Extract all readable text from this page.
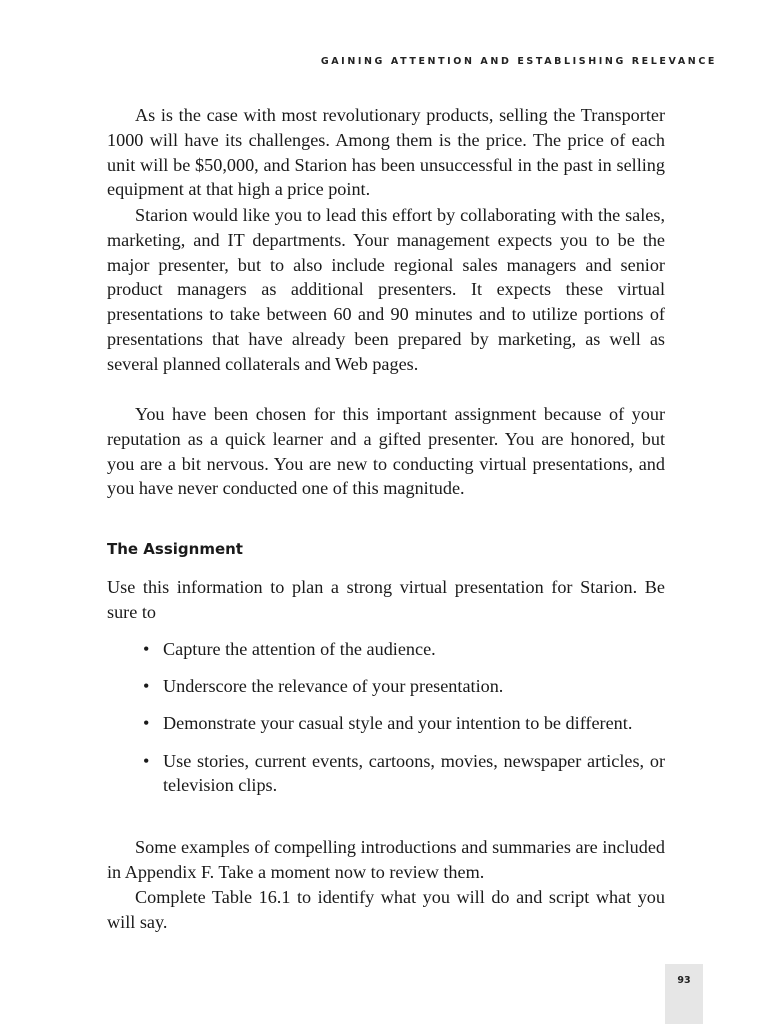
GAINING ATTENTION AND ESTABLISHING RELEVANCE

As is the case with most revolutionary products, selling the Transporter 1000 will have its challenges. Among them is the price. The price of each unit will be $50,000, and Starion has been unsuccessful in the past in selling equipment at that high a price point.

Starion would like you to lead this effort by collaborating with the sales, marketing, and IT departments. Your management expects you to be the major presenter, but to also include regional sales managers and senior product managers as additional presenters. It expects these virtual presentations to take between 60 and 90 minutes and to utilize portions of presentations that have already been prepared by marketing, as well as several planned collaterals and Web pages.

You have been chosen for this important assignment because of your reputation as a quick learner and a gifted presenter. You are honored, but you are a bit nervous. You are new to conducting virtual presentations, and you have never conducted one of this magnitude.

The Assignment

Use this information to plan a strong virtual presentation for Starion. Be sure to

• Capture the attention of the audience.
• Underscore the relevance of your presentation.
• Demonstrate your casual style and your intention to be different.
• Use stories, current events, cartoons, movies, newspaper articles, or television clips.

Some examples of compelling introductions and summaries are included in Appendix F. Take a moment now to review them.

Complete Table 16.1 to identify what you will do and script what you will say.

93
